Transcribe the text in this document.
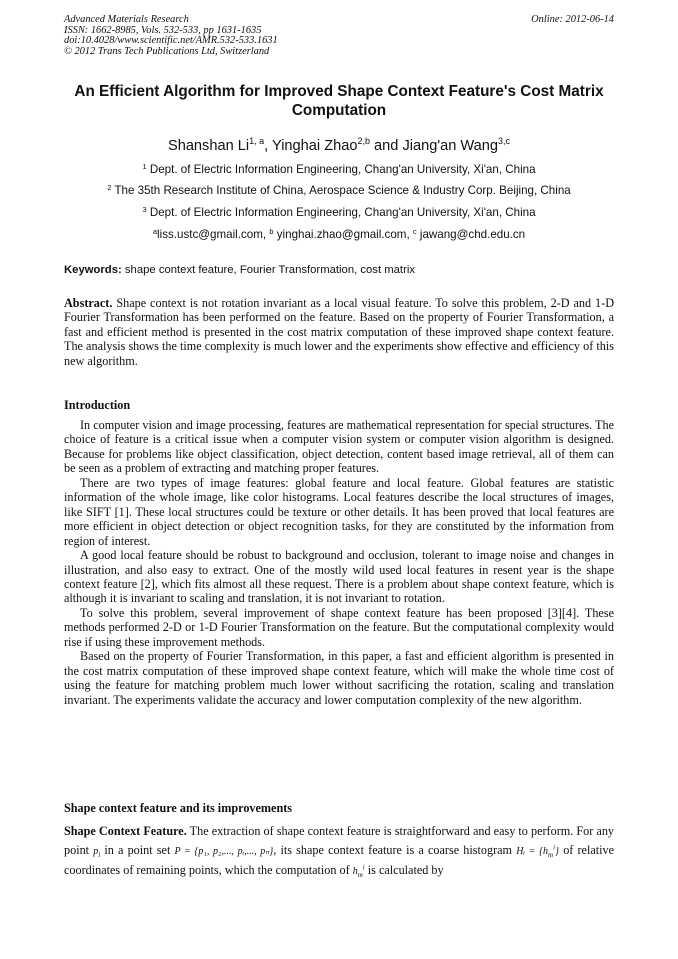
Advanced Materials Research
ISSN: 1662-8985, Vols. 532-533, pp 1631-1635
doi:10.4028/www.scientific.net/AMR.532-533.1631
© 2012 Trans Tech Publications Ltd, Switzerland
Online: 2012-06-14
An Efficient Algorithm for Improved Shape Context Feature's Cost Matrix
Computation
Shanshan Li$^{1, a}$, Yinghai Zhao$^{2,b}$ and Jiang'an Wang$^{3,c}$
$^1$ Dept. of Electric Information Engineering, Chang'an University, Xi'an, China
$^2$ The 35th Research Institute of China, Aerospace Science & Industry Corp. Beijing, China
$^3$ Dept. of Electric Information Engineering, Chang'an University, Xi'an, China
$^a$liss.ustc@gmail.com, $^b$ yinghai.zhao@gmail.com, $^c$ jawang@chd.edu.cn
Keywords: shape context feature, Fourier Transformation, cost matrix

Abstract. Shape context is not rotation invariant as a local visual feature. To solve this problem, 2-D and 1-D Fourier Transformation has been performed on the feature. Based on the property of Fourier Transformation, a fast and efficient method is presented in the cost matrix computation of these improved shape context feature. The analysis shows the time complexity is much lower and the experiments show effective and efficiency of this new algorithm.

Introduction

In computer vision and image processing, features are mathematical representation for special structures. The choice of feature is a critical issue when a computer vision system or computer vision algorithm is designed. Because for problems like object classification, object detection, content based image retrieval, all of them can be seen as a problem of extracting and matching proper features.

There are two types of image features: global feature and local feature. Global features are statistic information of the whole image, like color histograms. Local features describe the local structures of images, like SIFT [1]. These local structures could be texture or other details. It has been proved that local features are more efficient in object detection or object recognition tasks, for they are constituted by the information from region of interest.

A good local feature should be robust to background and occlusion, tolerant to image noise and changes in illustration, and also easy to extract. One of the mostly wild used local features in resent year is the shape context feature [2], which fits almost all these request. There is a problem about shape context feature, which is although it is invariant to scaling and translation, it is not invariant to rotation.

To solve this problem, several improvement of shape context feature has been proposed [3][4]. These methods performed 2-D or 1-D Fourier Transformation on the feature. But the computational complexity would rise if using these improvement methods.

Based on the property of Fourier Transformation, in this paper, a fast and efficient algorithm is presented in the cost matrix computation of these improved shape context feature, which will make the whole time cost of using the feature for matching problem much lower without sacrificing the rotation, scaling and translation invariant. The experiments validate the accuracy and lower computation complexity of the new algorithm.

Shape context feature and its improvements

Shape Context Feature. The extraction of shape context feature is straightforward and easy to perform. For any point $p_i$ in a point set P = {p₁, p₂,..., pᵢ,..., pₙ}, its shape context feature is a coarse histogram Hᵢ = $\{h_m^i\}$ of relative coordinates of remaining points, which the computation of $h_m^i$ is calculated by
